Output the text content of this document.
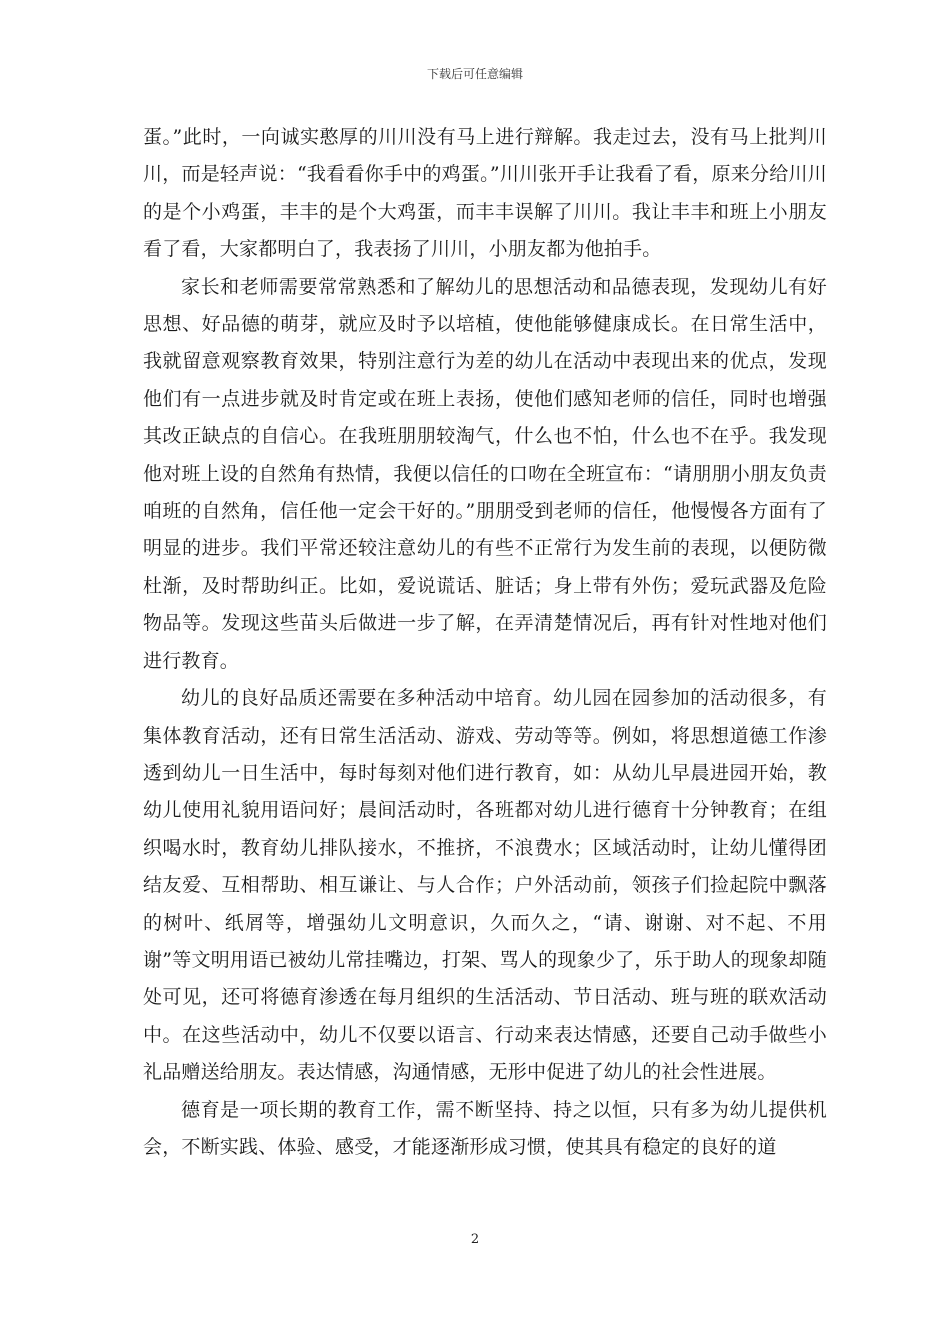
下载后可任意编辑

蛋。”此时，一向诚实憨厚的川川没有马上进行辩解。我走过去，没有马上批判川川，而是轻声说：“我看看你手中的鸡蛋。”川川张开手让我看了看，原来分给川川的是个小鸡蛋，丰丰的是个大鸡蛋，而丰丰误解了川川。我让丰丰和班上小朋友看了看，大家都明白了，我表扬了川川，小朋友都为他拍手。

家长和老师需要常常熟悉和了解幼儿的思想活动和品德表现，发现幼儿有好思想、好品德的萌芽，就应及时予以培植，使他能够健康成长。在日常生活中，我就留意观察教育效果，特别注意行为差的幼儿在活动中表现出来的优点，发现他们有一点进步就及时肯定或在班上表扬，使他们感知老师的信任，同时也增强其改正缺点的自信心。在我班朋朋较淘气，什么也不怕，什么也不在乎。我发现他对班上设的自然角有热情，我便以信任的口吻在全班宣布：“请朋朋小朋友负责咱班的自然角，信任他一定会干好的。”朋朋受到老师的信任，他慢慢各方面有了明显的进步。我们平常还较注意幼儿的有些不正常行为发生前的表现，以便防微杜渐，及时帮助纠正。比如，爱说谎话、脏话；身上带有外伤；爱玩武器及危险物品等。发现这些苗头后做进一步了解，在弄清楚情况后，再有针对性地对他们进行教育。

幼儿的良好品质还需要在多种活动中培育。幼儿园在园参加的活动很多，有集体教育活动，还有日常生活活动、游戏、劳动等等。例如，将思想道德工作渗透到幼儿一日生活中，每时每刻对他们进行教育，如：从幼儿早晨进园开始，教幼儿使用礼貌用语问好；晨间活动时，各班都对幼儿进行德育十分钟教育；在组织喝水时，教育幼儿排队接水，不推挤，不浪费水；区域活动时，让幼儿懂得团结友爱、互相帮助、相互谦让、与人合作；户外活动前，领孩子们捡起院中飘落的树叶、纸屑等，增强幼儿文明意识，久而久之，“请、谢谢、对不起、不用谢”等文明用语已被幼儿常挂嘴边，打架、骂人的现象少了，乐于助人的现象却随处可见，还可将德育渗透在每月组织的生活活动、节日活动、班与班的联欢活动中。在这些活动中，幼儿不仅要以语言、行动来表达情感，还要自己动手做些小礼品赠送给朋友。表达情感，沟通情感，无形中促进了幼儿的社会性进展。

德育是一项长期的教育工作，需不断坚持、持之以恒，只有多为幼儿提供机会，不断实践、体验、感受，才能逐渐形成习惯，使其具有稳定的良好的道

2
